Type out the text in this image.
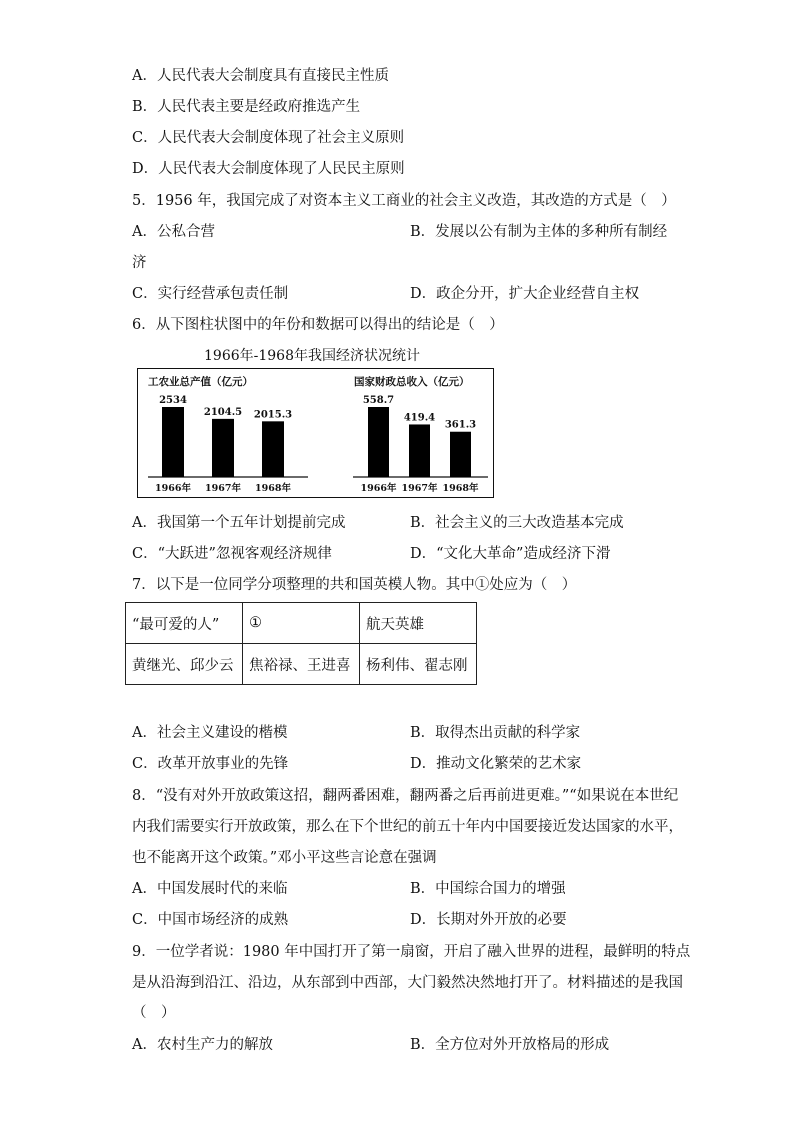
A．人民代表大会制度具有直接民主性质
B．人民代表主要是经政府推选产生
C．人民代表大会制度体现了社会主义原则
D．人民代表大会制度体现了人民民主原则
5．1956 年，我国完成了对资本主义工商业的社会主义改造，其改造的方式是（　）
A．公私合营	B．发展以公有制为主体的多种所有制经
济
C．实行经营承包责任制	D．政企分开，扩大企业经营自主权
6．从下图柱状图中的年份和数据可以得出的结论是（　）
1966年-1968年我国经济状况统计
工农业总产值（亿元）
2534
1966年
2104.5
1967年
2015.3
1968年
国家财政总收入（亿元）
558.7
1966年
419.4
1967年
361.3
1968年
A．我国第一个五年计划提前完成	B．社会主义的三大改造基本完成
C．“大跃进”忽视客观经济规律	D．“文化大革命”造成经济下滑
7．以下是一位同学分项整理的共和国英模人物。其中①处应为（　）
“最可爱的人”	①	航天英雄
黄继光、邱少云	焦裕禄、王进喜	杨利伟、翟志刚
A．社会主义建设的楷模	B．取得杰出贡献的科学家
C．改革开放事业的先锋	D．推动文化繁荣的艺术家
8．“没有对外开放政策这招，翻两番困难，翻两番之后再前进更难。”“如果说在本世纪
内我们需要实行开放政策，那么在下个世纪的前五十年内中国要接近发达国家的水平，
也不能离开这个政策。”邓小平这些言论意在强调
A．中国发展时代的来临	B．中国综合国力的增强
C．中国市场经济的成熟	D．长期对外开放的必要
9．一位学者说：1980 年中国打开了第一扇窗，开启了融入世界的进程，最鲜明的特点
是从沿海到沿江、沿边，从东部到中西部，大门毅然决然地打开了。材料描述的是我国
（　）
A．农村生产力的解放	B．全方位对外开放格局的形成
